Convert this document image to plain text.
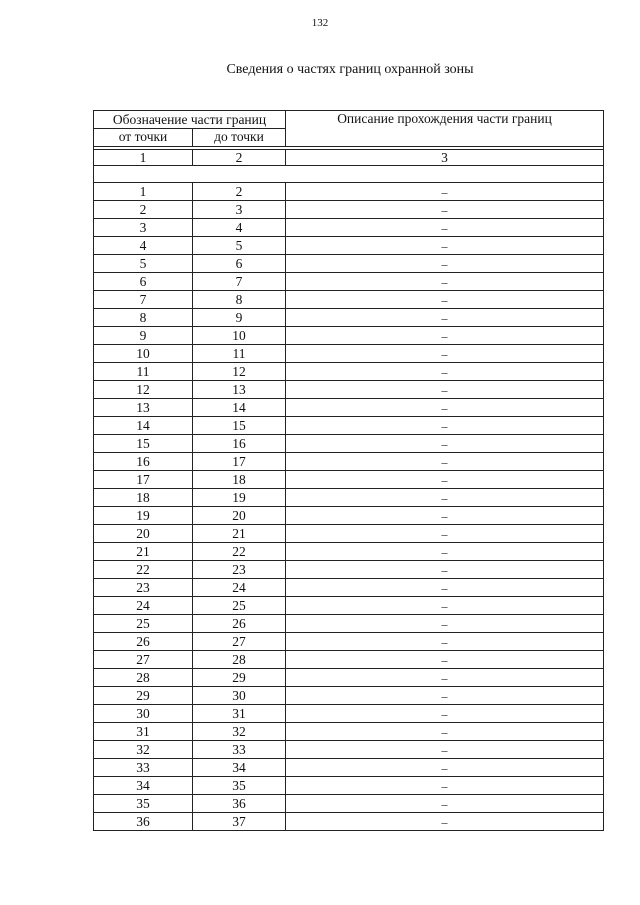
132
Сведения о частях границ охранной зоны
Обозначение части границ		Описание прохождения части границ
от точки	до точки	

1	2	3

1	2	–
2	3	–
3	4	–
4	5	–
5	6	–
6	7	–
7	8	–
8	9	–
9	10	–
10	11	–
11	12	–
12	13	–
13	14	–
14	15	–
15	16	–
16	17	–
17	18	–
18	19	–
19	20	–
20	21	–
21	22	–
22	23	–
23	24	–
24	25	–
25	26	–
26	27	–
27	28	–
28	29	–
29	30	–
30	31	–
31	32	–
32	33	–
33	34	–
34	35	–
35	36	–
36	37	–
